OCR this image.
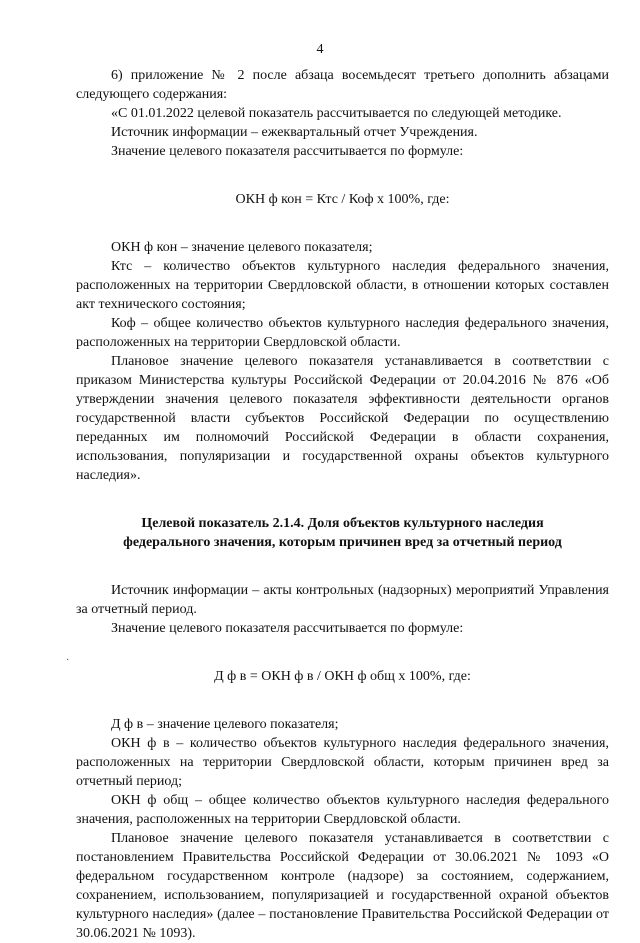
4

6) приложение № 2 после абзаца восемьдесят третьего дополнить абзацами следующего содержания:

«С 01.01.2022 целевой показатель рассчитывается по следующей методике.

Источник информации – ежеквартальный отчет Учреждения.

Значение целевого показателя рассчитывается по формуле:

ОКН ф кон = Ктс / Коф х 100%, где:

ОКН ф кон – значение целевого показателя;

Ктс – количество объектов культурного наследия федерального значения, расположенных на территории Свердловской области, в отношении которых составлен акт технического состояния;

Коф – общее количество объектов культурного наследия федерального значения, расположенных на территории Свердловской области.

Плановое значение целевого показателя устанавливается в соответствии с приказом Министерства культуры Российской Федерации от 20.04.2016 № 876 «Об утверждении значения целевого показателя эффективности деятельности органов государственной власти субъектов Российской Федерации по осуществлению переданных им полномочий Российской Федерации в области сохранения, использования, популяризации и государственной охраны объектов культурного наследия».

Целевой показатель 2.1.4. Доля объектов культурного наследия

федерального значения, которым причинен вред за отчетный период

Источник информации – акты контрольных (надзорных) мероприятий Управления за отчетный период.

Значение целевого показателя рассчитывается по формуле:

Д ф в = ОКН ф в / ОКН ф общ х 100%, где:

Д ф в – значение целевого показателя;

ОКН ф в – количество объектов культурного наследия федерального значения, расположенных на территории Свердловской области, которым причинен вред за отчетный период;

ОКН ф общ – общее количество объектов культурного наследия федерального значения, расположенных на территории Свердловской области.

Плановое значение целевого показателя устанавливается в соответствии с постановлением Правительства Российской Федерации от 30.06.2021 № 1093 «О федеральном государственном контроле (надзоре) за состоянием, содержанием, сохранением, использованием, популяризацией и государственной охраной объектов культурного наследия» (далее – постановление Правительства Российской Федерации от 30.06.2021 № 1093).

·
